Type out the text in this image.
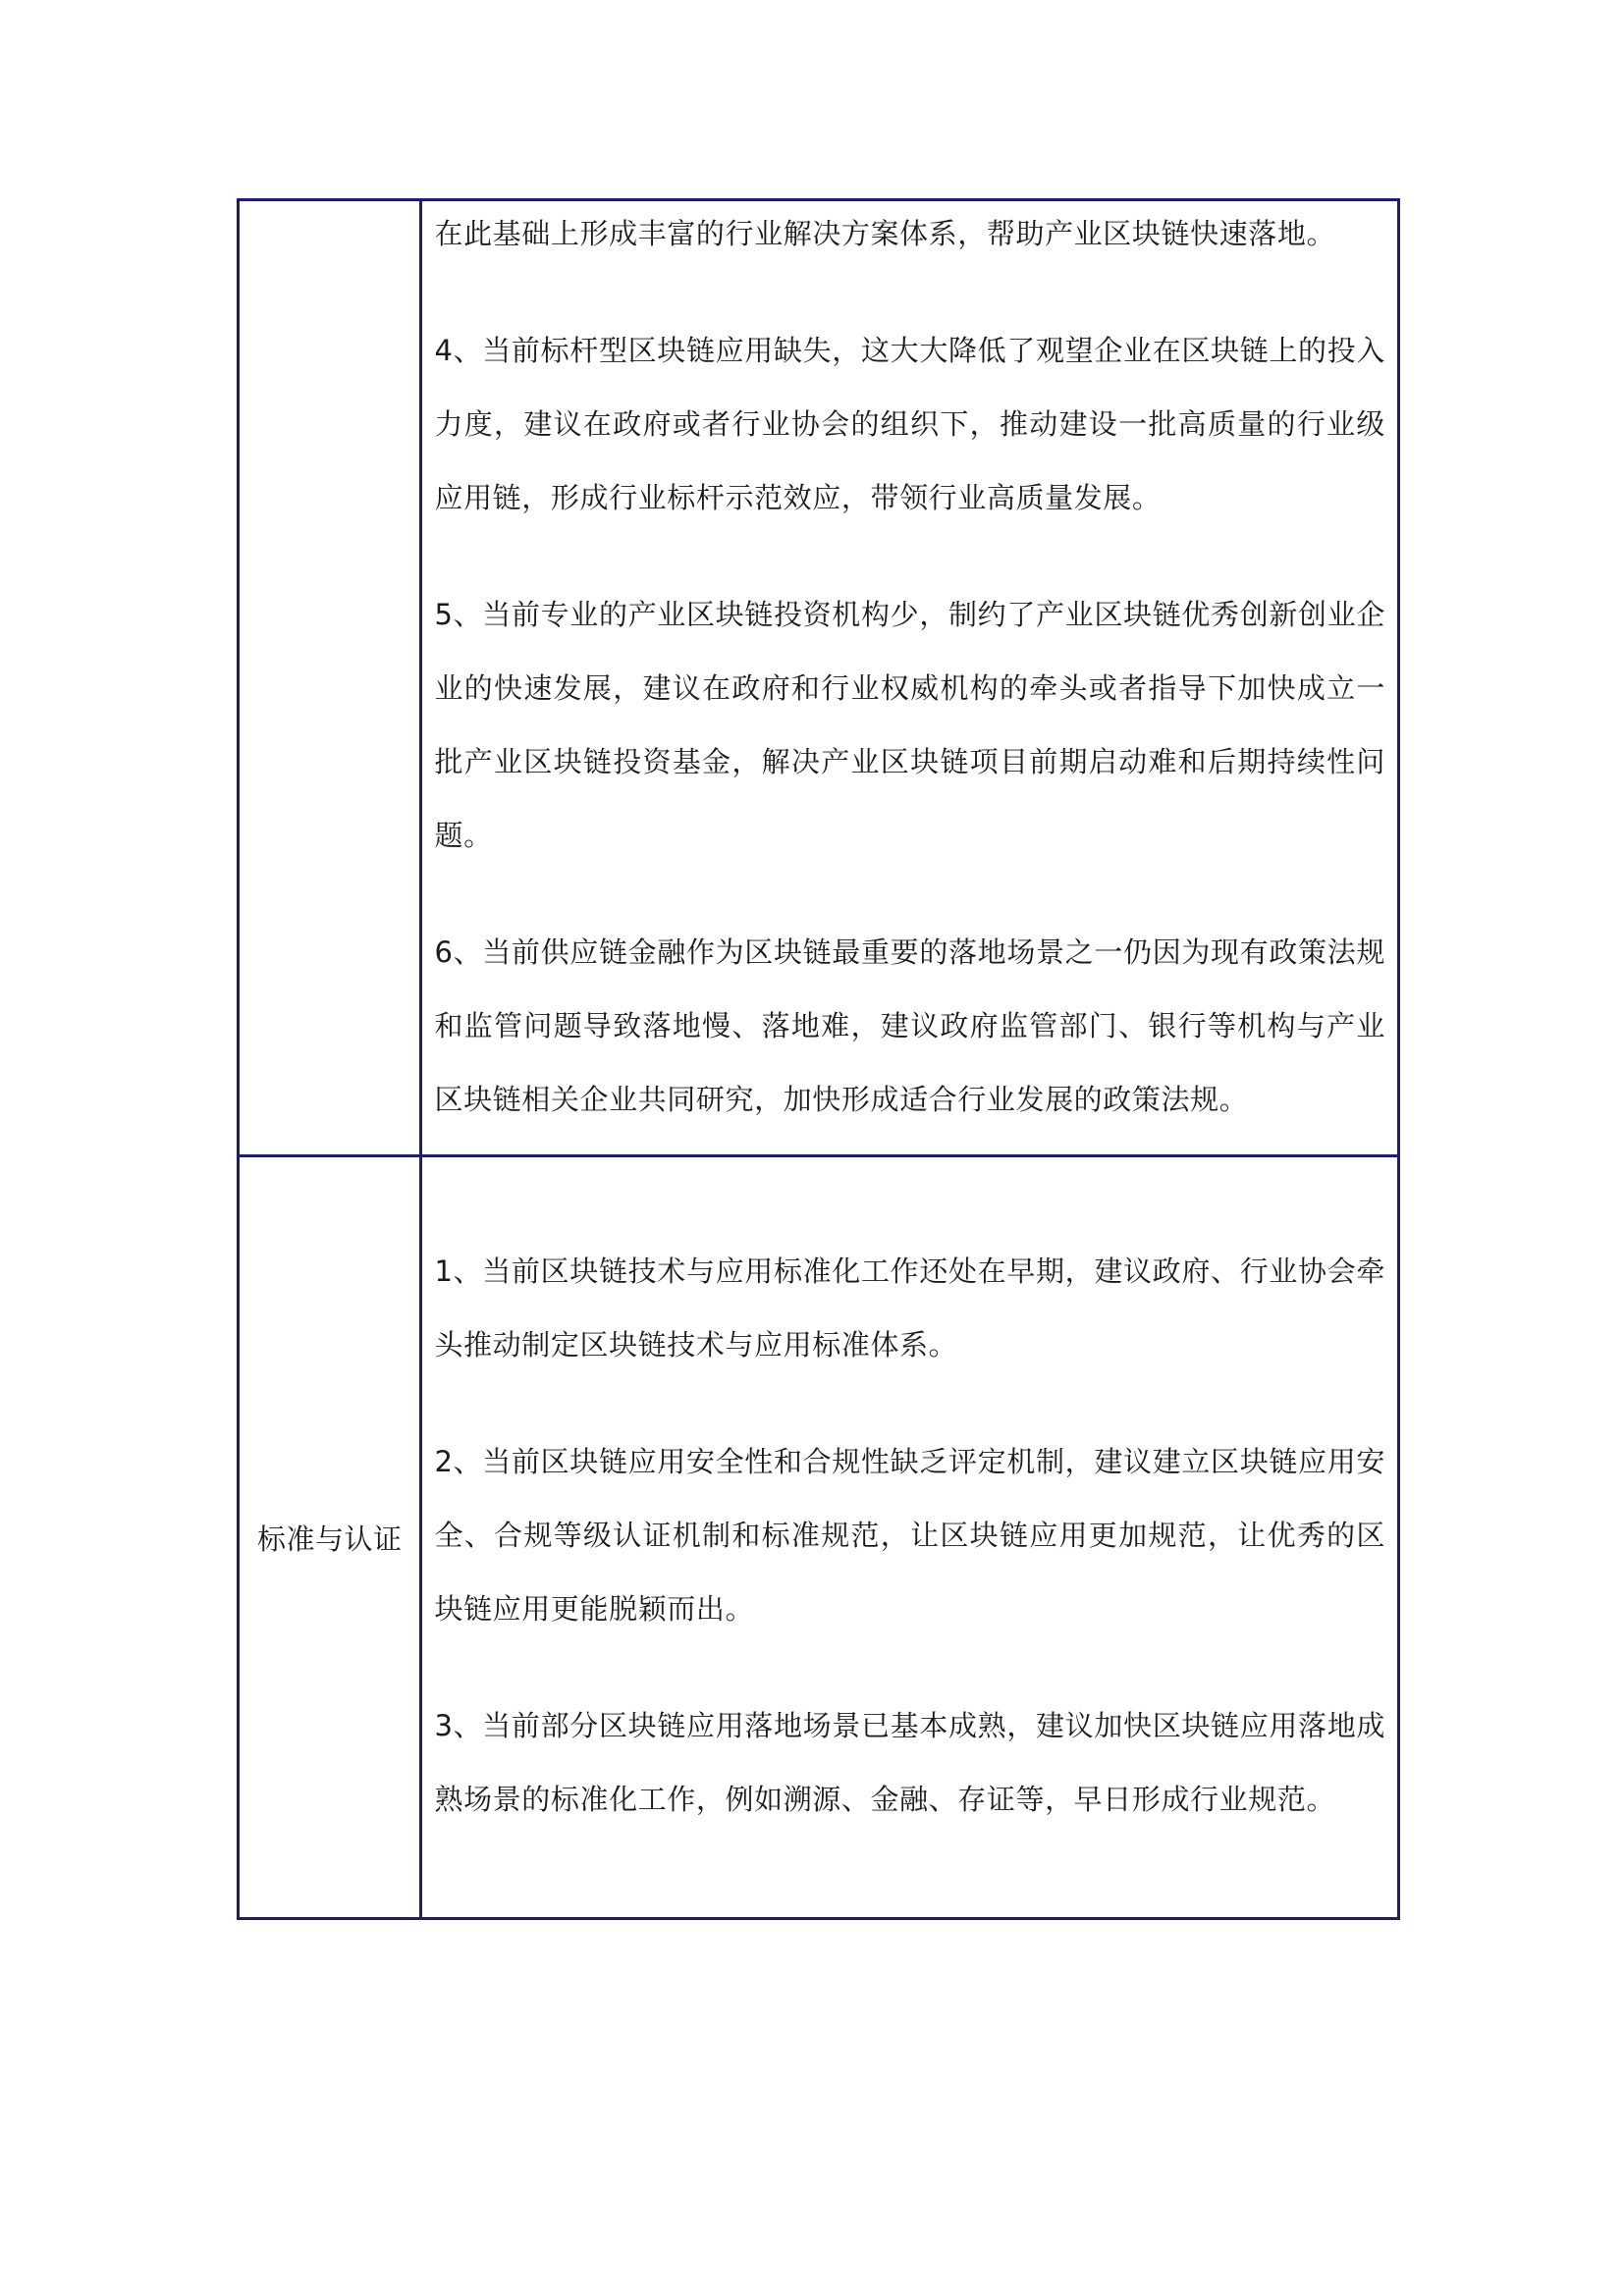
	在此基础上形成丰富的行业解决方案体系，帮助产业区块链快速落地。

4、当前标杆型区块链应用缺失，这大大降低了观望企业在区块链上的投入力度，建议在政府或者行业协会的组织下，推动建设一批高质量的行业级应用链，形成行业标杆示范效应，带领行业高质量发展。

5、当前专业的产业区块链投资机构少，制约了产业区块链优秀创新创业企业的快速发展，建议在政府和行业权威机构的牵头或者指导下加快成立一批产业区块链投资基金，解决产业区块链项目前期启动难和后期持续性问题。

6、当前供应链金融作为区块链最重要的落地场景之一仍因为现有政策法规和监管问题导致落地慢、落地难，建议政府监管部门、银行等机构与产业区块链相关企业共同研究，加快形成适合行业发展的政策法规。

标准与认证	1、当前区块链技术与应用标准化工作还处在早期，建议政府、行业协会牵头推动制定区块链技术与应用标准体系。

2、当前区块链应用安全性和合规性缺乏评定机制，建议建立区块链应用安全、合规等级认证机制和标准规范，让区块链应用更加规范，让优秀的区块链应用更能脱颖而出。

3、当前部分区块链应用落地场景已基本成熟，建议加快区块链应用落地成熟场景的标准化工作，例如溯源、金融、存证等，早日形成行业规范。
